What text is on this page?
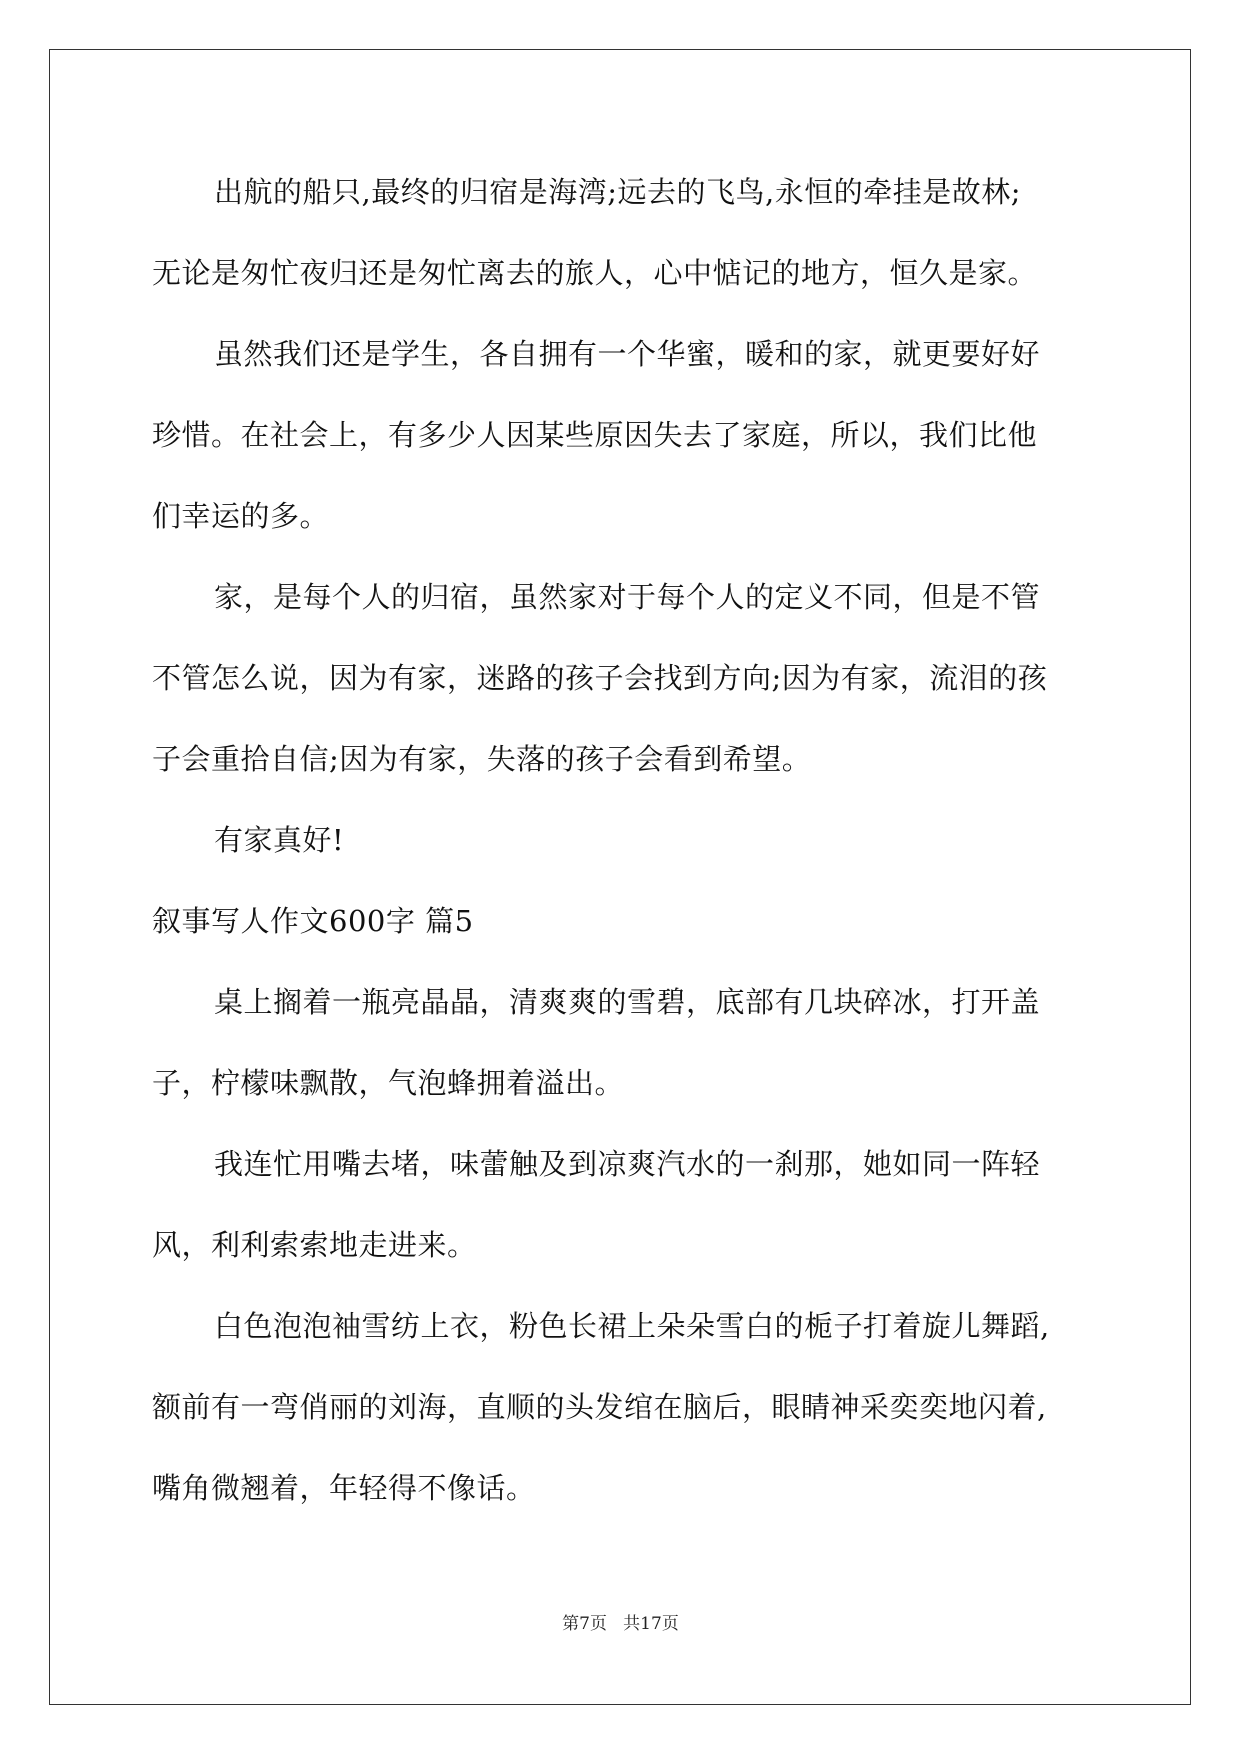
出航的船只,最终的归宿是海湾;远去的飞鸟,永恒的牵挂是故林;
无论是匆忙夜归还是匆忙离去的旅人，心中惦记的地方，恒久是家。
虽然我们还是学生，各自拥有一个华蜜，暖和的家，就更要好好
珍惜。在社会上，有多少人因某些原因失去了家庭，所以，我们比他
们幸运的多。
家，是每个人的归宿，虽然家对于每个人的定义不同，但是不管
不管怎么说，因为有家，迷路的孩子会找到方向;因为有家，流泪的孩
子会重拾自信;因为有家，失落的孩子会看到希望。
有家真好!
叙事写人作文600字 篇5
桌上搁着一瓶亮晶晶，清爽爽的雪碧，底部有几块碎冰，打开盖
子，柠檬味飘散，气泡蜂拥着溢出。
我连忙用嘴去堵，味蕾触及到凉爽汽水的一刹那，她如同一阵轻
风，利利索索地走进来。
白色泡泡袖雪纺上衣，粉色长裙上朵朵雪白的栀子打着旋儿舞蹈,
额前有一弯俏丽的刘海，直顺的头发绾在脑后，眼睛神采奕奕地闪着,
嘴角微翘着，年轻得不像话。
第7页   共17页
